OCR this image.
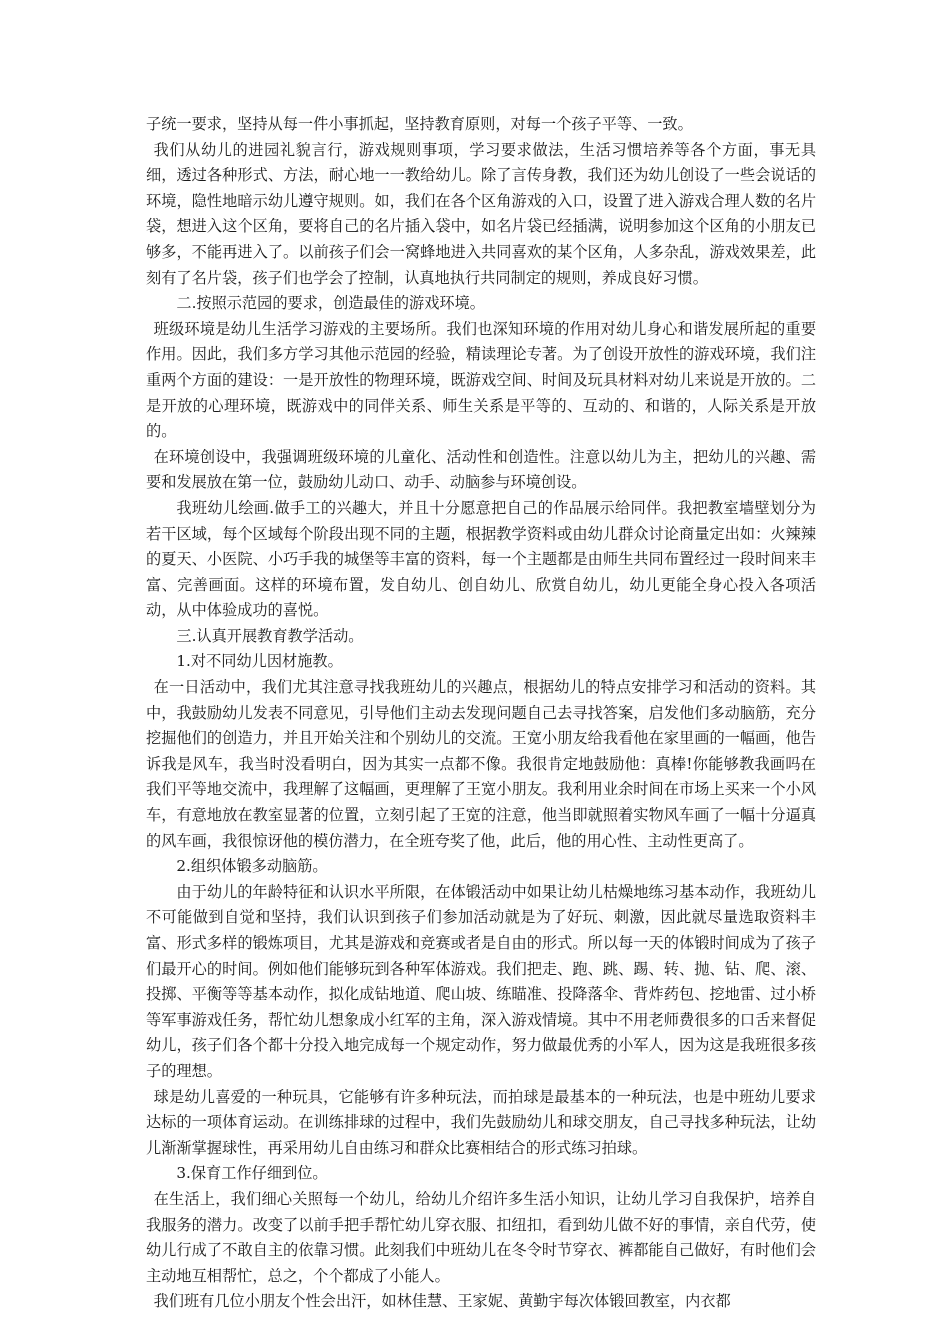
子统一要求，坚持从每一件小事抓起，坚持教育原则，对每一个孩子平等、一致。

我们从幼儿的进园礼貌言行，游戏规则事项，学习要求做法，生活习惯培养等各个方面，事无具细，透过各种形式、方法，耐心地一一教给幼儿。除了言传身教，我们还为幼儿创设了一些会说话的环境，隐性地暗示幼儿遵守规则。如，我们在各个区角游戏的入口，设置了进入游戏合理人数的名片袋，想进入这个区角，要将自己的名片插入袋中，如名片袋已经插满，说明参加这个区角的小朋友已够多，不能再进入了。以前孩子们会一窝蜂地进入共同喜欢的某个区角，人多杂乱，游戏效果差，此刻有了名片袋，孩子们也学会了控制，认真地执行共同制定的规则，养成良好习惯。

二.按照示范园的要求，创造最佳的游戏环境。

班级环境是幼儿生活学习游戏的主要场所。我们也深知环境的作用对幼儿身心和谐发展所起的重要作用。因此，我们多方学习其他示范园的经验，精读理论专著。为了创设开放性的游戏环境，我们注重两个方面的建设：一是开放性的物理环境，既游戏空间、时间及玩具材料对幼儿来说是开放的。二是开放的心理环境，既游戏中的同伴关系、师生关系是平等的、互动的、和谐的，人际关系是开放的。

在环境创设中，我强调班级环境的儿童化、活动性和创造性。注意以幼儿为主，把幼儿的兴趣、需要和发展放在第一位，鼓励幼儿动口、动手、动脑参与环境创设。

我班幼儿绘画.做手工的兴趣大，并且十分愿意把自己的作品展示给同伴。我把教室墙壁划分为若干区域，每个区域每个阶段出现不同的主题，根据教学资料或由幼儿群众讨论商量定出如：火辣辣的夏天、小医院、小巧手我的城堡等丰富的资料，每一个主题都是由师生共同布置经过一段时间来丰富、完善画面。这样的环境布置，发自幼儿、创自幼儿、欣赏自幼儿，幼儿更能全身心投入各项活动，从中体验成功的喜悦。

三.认真开展教育教学活动。

1.对不同幼儿因材施教。

在一日活动中，我们尤其注意寻找我班幼儿的兴趣点，根据幼儿的特点安排学习和活动的资料。其中，我鼓励幼儿发表不同意见，引导他们主动去发现问题自己去寻找答案，启发他们多动脑筋，充分挖掘他们的创造力，并且开始关注和个别幼儿的交流。王宽小朋友给我看他在家里画的一幅画，他告诉我是风车，我当时没看明白，因为其实一点都不像。我很肯定地鼓励他：真棒!你能够教我画吗在我们平等地交流中，我理解了这幅画，更理解了王宽小朋友。我利用业余时间在市场上买来一个小风车，有意地放在教室显著的位置，立刻引起了王宽的注意，他当即就照着实物风车画了一幅十分逼真的风车画，我很惊讶他的模仿潜力，在全班夸奖了他，此后，他的用心性、主动性更高了。

2.组织体锻多动脑筋。

由于幼儿的年龄特征和认识水平所限，在体锻活动中如果让幼儿枯燥地练习基本动作，我班幼儿不可能做到自觉和坚持，我们认识到孩子们参加活动就是为了好玩、刺激，因此就尽量选取资料丰富、形式多样的锻炼项目，尤其是游戏和竞赛或者是自由的形式。所以每一天的体锻时间成为了孩子们最开心的时间。例如他们能够玩到各种军体游戏。我们把走、跑、跳、踢、转、抛、钻、爬、滚、投掷、平衡等等基本动作，拟化成钻地道、爬山坡、练瞄准、投降落伞、背炸药包、挖地雷、过小桥等军事游戏任务，帮忙幼儿想象成小红军的主角，深入游戏情境。其中不用老师费很多的口舌来督促幼儿，孩子们各个都十分投入地完成每一个规定动作，努力做最优秀的小军人，因为这是我班很多孩子的理想。

球是幼儿喜爱的一种玩具，它能够有许多种玩法，而拍球是最基本的一种玩法，也是中班幼儿要求达标的一项体育运动。在训练排球的过程中，我们先鼓励幼儿和球交朋友，自己寻找多种玩法，让幼儿渐渐掌握球性，再采用幼儿自由练习和群众比赛相结合的形式练习拍球。

3.保育工作仔细到位。

在生活上，我们细心关照每一个幼儿，给幼儿介绍许多生活小知识，让幼儿学习自我保护，培养自我服务的潜力。改变了以前手把手帮忙幼儿穿衣服、扣纽扣，看到幼儿做不好的事情，亲自代劳，使幼儿行成了不敢自主的依靠习惯。此刻我们中班幼儿在冬令时节穿衣、裤都能自己做好，有时他们会主动地互相帮忙，总之，个个都成了小能人。

我们班有几位小朋友个性会出汗，如林佳慧、王家妮、黄勤宇每次体锻回教室，内衣都
